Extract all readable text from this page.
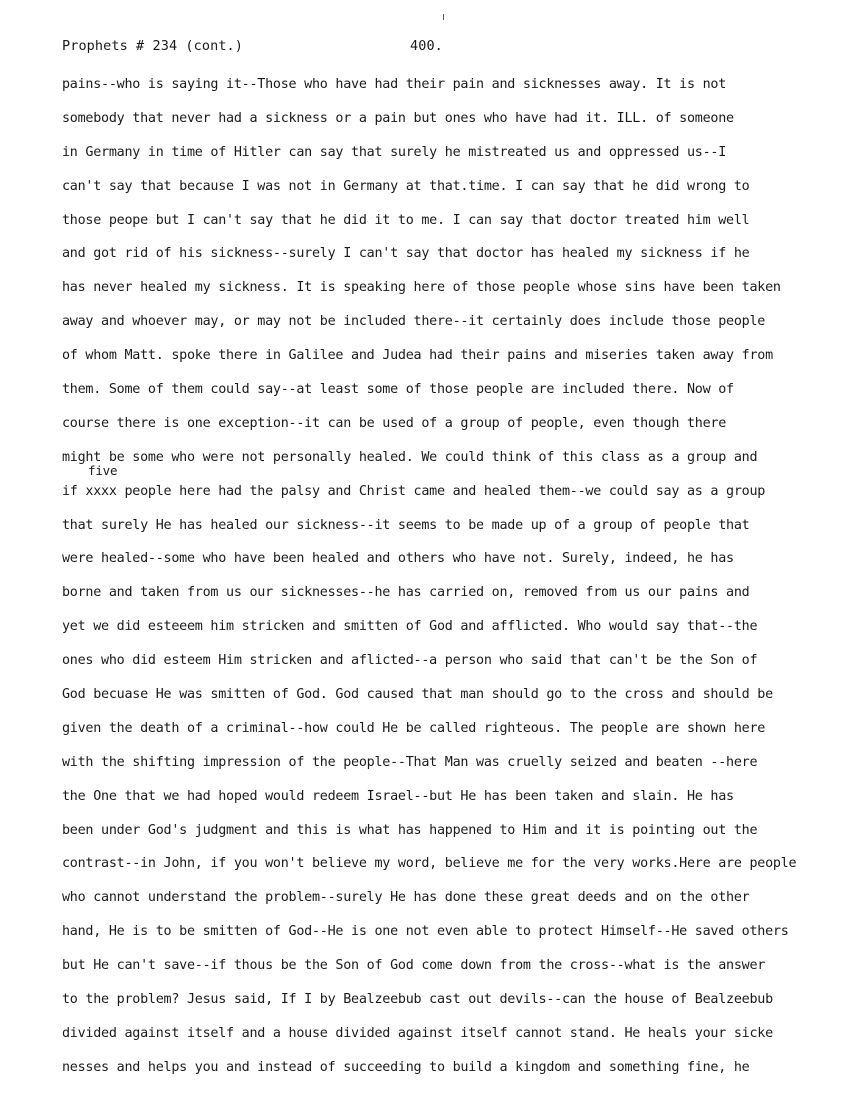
Prophets # 234 (cont.)	400.
five
pains--who is saying it--Those who have had their pain and sicknesses away. It is not
somebody that never had a sickness or a pain but ones who have had it. ILL. of someone
in Germany in time of Hitler can say that surely he mistreated us and oppressed us--I
can't say that because I was not in Germany at that.time. I can say that he did wrong to
those peope but I can't say that he did it to me. I can say that doctor treated him well
and got rid of his sickness--surely I can't say that doctor has healed my sickness if he
has never healed my sickness. It is speaking here of those people whose sins have been taken
away and whoever may, or may not be included there--it certainly does include those people
of whom Matt. spoke there in Galilee and Judea had their pains and miseries taken away from
them. Some of them could say--at least some of those people are included there. Now of
course there is one exception--it can be used of a group of people, even though there
might be some who were not personally healed. We could think of this class as a group and
if xxxx people here had the palsy and Christ came and healed them--we could say as a group
that surely He has healed our sickness--it seems to be made up of a group of people that
were healed--some who have been healed and others who have not. Surely, indeed, he has
borne and taken from us our sicknesses--he has carried on, removed from us our pains and
yet we did esteeem him stricken and smitten of God and afflicted. Who would say that--the
ones who did esteem Him stricken and aflicted--a person who said that can't be the Son of
God becuase He was smitten of God. God caused that man should go to the cross and should be
given the death of a criminal--how could He be called righteous. The people are shown here
with the shifting impression of the people--That Man was cruelly seized and beaten --here
the One that we had hoped would redeem Israel--but He has been taken and slain. He has
been under God's judgment and this is what has happened to Him and it is pointing out the
contrast--in John, if you won't believe my word, believe me for the very works.Here are people
who cannot understand the problem--surely He has done these great deeds and on the other
hand, He is to be smitten of God--He is one not even able to protect Himself--He saved others
but He can't save--if thous be the Son of God come down from the cross--what is the answer
to the problem? Jesus said, If I by Bealzeebub cast out devils--can the house of Bealzeebub
divided against itself and a house divided against itself cannot stand. He heals your sicke
nesses and helps you and instead of succeeding to build a kingdom and something fine, he
